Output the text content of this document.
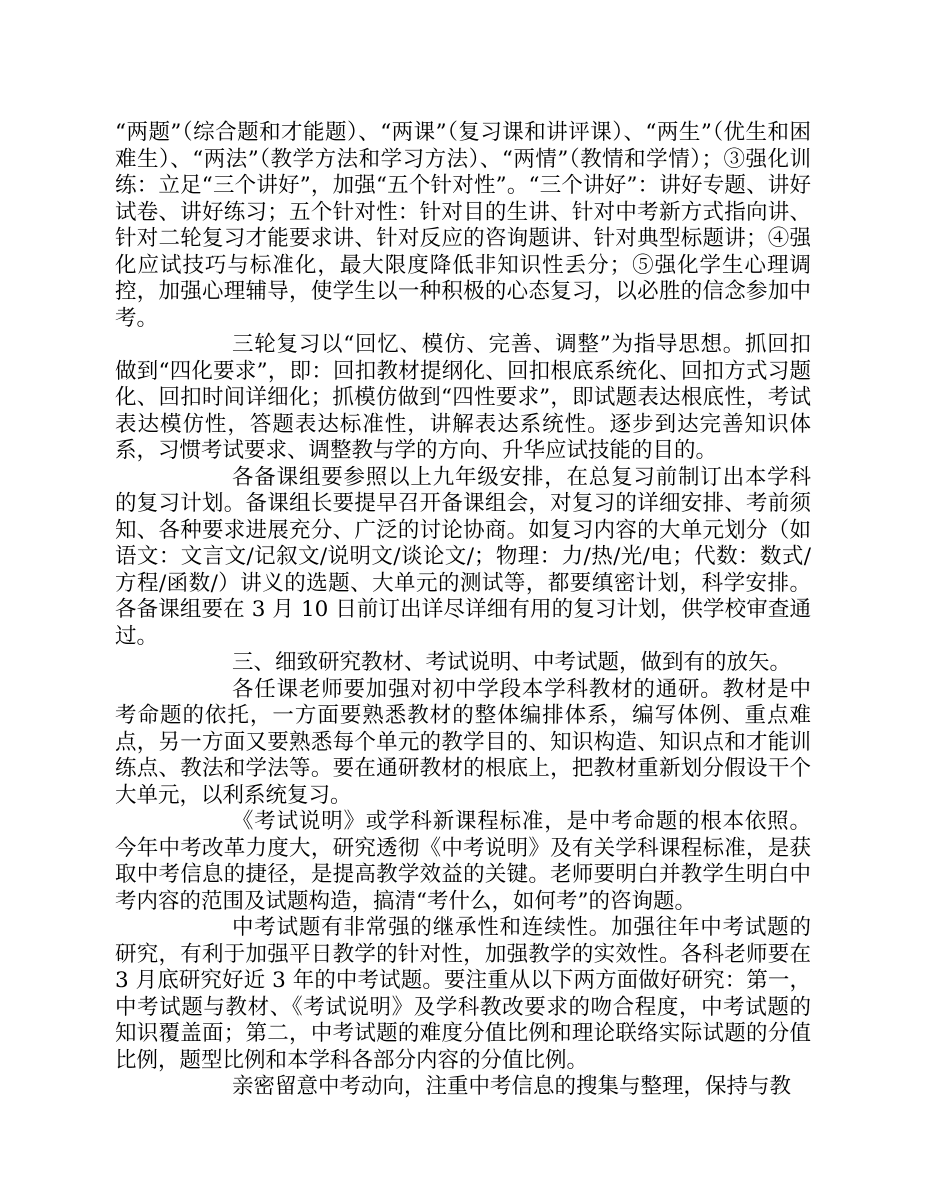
“两题”（综合题和才能题）、“两课”（复习课和讲评课）、“两生”（优生和困难生）、“两法”（教学方法和学习方法）、“两情”（教情和学情）；③强化训练：立足“三个讲好”，加强“五个针对性”。“三个讲好”：讲好专题、讲好试卷、讲好练习；五个针对性：针对目的生讲、针对中考新方式指向讲、针对二轮复习才能要求讲、针对反应的咨询题讲、针对典型标题讲；④强化应试技巧与标准化，最大限度降低非知识性丢分；⑤强化学生心理调控，加强心理辅导，使学生以一种积极的心态复习，以必胜的信念参加中考。

三轮复习以“回忆、模仿、完善、调整”为指导思想。抓回扣做到“四化要求”，即：回扣教材提纲化、回扣根底系统化、回扣方式习题化、回扣时间详细化；抓模仿做到“四性要求”，即试题表达根底性，考试表达模仿性，答题表达标准性，讲解表达系统性。逐步到达完善知识体系，习惯考试要求、调整教与学的方向、升华应试技能的目的。

各备课组要参照以上九年级安排，在总复习前制订出本学科的复习计划。备课组长要提早召开备课组会，对复习的详细安排、考前须知、各种要求进展充分、广泛的讨论协商。如复习内容的大单元划分（如语文：文言文/记叙文/说明文/谈论文/；物理：力/热/光/电；代数：数式/方程/函数/）讲义的选题、大单元的测试等，都要缜密计划，科学安排。各备课组要在 3 月 10 日前订出详尽详细有用的复习计划，供学校审查通过。

三、细致研究教材、考试说明、中考试题，做到有的放矢。

各任课老师要加强对初中学段本学科教材的通研。教材是中考命题的依托，一方面要熟悉教材的整体编排体系，编写体例、重点难点，另一方面又要熟悉每个单元的教学目的、知识构造、知识点和才能训练点、教法和学法等。要在通研教材的根底上，把教材重新划分假设干个大单元，以利系统复习。

《考试说明》或学科新课程标准，是中考命题的根本依照。今年中考改革力度大，研究透彻《中考说明》及有关学科课程标准，是获取中考信息的捷径，是提高教学效益的关键。老师要明白并教学生明白中考内容的范围及试题构造，搞清“考什么，如何考”的咨询题。

中考试题有非常强的继承性和连续性。加强往年中考试题的研究，有利于加强平日教学的针对性，加强教学的实效性。各科老师要在 3 月底研究好近 3 年的中考试题。要注重从以下两方面做好研究：第一，中考试题与教材、《考试说明》及学科教改要求的吻合程度，中考试题的知识覆盖面；第二，中考试题的难度分值比例和理论联络实际试题的分值比例，题型比例和本学科各部分内容的分值比例。

亲密留意中考动向，注重中考信息的搜集与整理，保持与教
